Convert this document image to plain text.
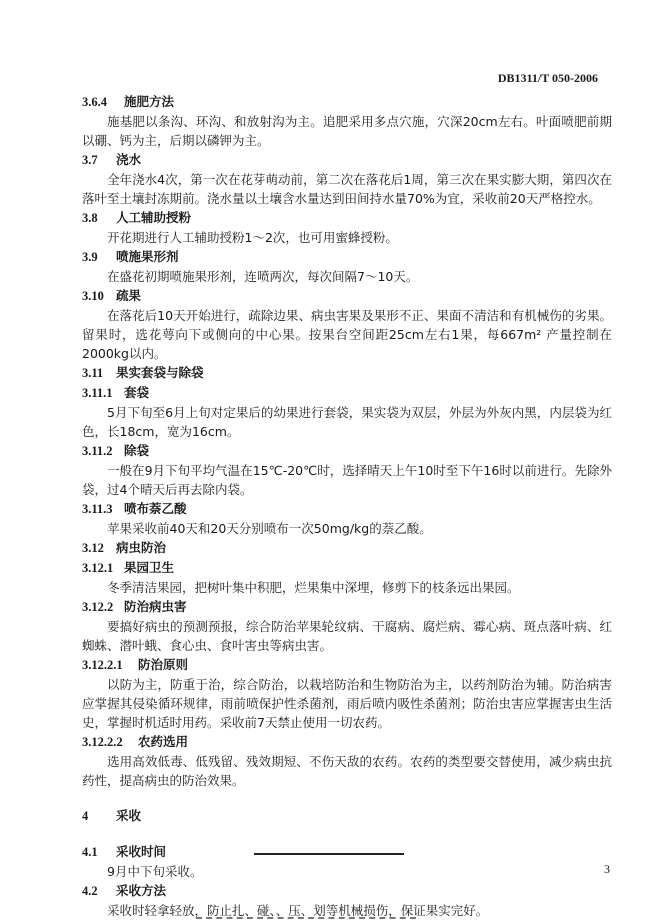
DB1311/T 050-2006
3.6.4 施肥方法
施基肥以条沟、环沟、和放射沟为主。追肥采用多点穴施，穴深20cm左右。叶面喷肥前期以硼、钙为主，后期以磷钾为主。
3.7 浇水
全年浇水4次，第一次在花芽萌动前，第二次在落花后1周，第三次在果实膨大期，第四次在落叶至土壤封冻期前。浇水量以土壤含水量达到田间持水量70%为宜，采收前20天严格控水。
3.8 人工辅助授粉
开花期进行人工辅助授粉1～2次，也可用蜜蜂授粉。
3.9 喷施果形剂
在盛花初期喷施果形剂，连喷两次，每次间隔7～10天。
3.10 疏果
在落花后10天开始进行，疏除边果、病虫害果及果形不正、果面不清洁和有机械伤的劣果。留果时，选花萼向下或侧向的中心果。按果台空间距25cm左右1果，每667m² 产量控制在2000kg以内。
3.11 果实套袋与除袋
3.11.1 套袋
5月下旬至6月上旬对定果后的幼果进行套袋，果实袋为双层，外层为外灰内黑，内层袋为红色，长18cm，宽为16cm。
3.11.2 除袋
一般在9月下旬平均气温在15℃-20℃时，选择晴天上午10时至下午16时以前进行。先除外袋，过4个晴天后再去除内袋。
3.11.3 喷布萘乙酸
苹果采收前40天和20天分别喷布一次50mg/kg的萘乙酸。
3.12 病虫防治
3.12.1 果园卫生
冬季清洁果园，把树叶集中积肥，烂果集中深埋，修剪下的枝条远出果园。
3.12.2 防治病虫害
要搞好病虫的预测预报，综合防治苹果轮纹病、干腐病、腐烂病、霉心病、斑点落叶病、红蜘蛛、潜叶蛾、食心虫、食叶害虫等病虫害。
3.12.2.1 防治原则
以防为主，防重于治，综合防治，以栽培防治和生物防治为主，以药剂防治为辅。防治病害应掌握其侵染循环规律，雨前喷保护性杀菌剂，雨后喷内吸性杀菌剂；防治虫害应掌握害虫生活史，掌握时机适时用药。采收前7天禁止使用一切农药。
3.12.2.2 农药选用
选用高效低毒、低残留、残效期短、不伤天敌的农药。农药的类型要交替使用，减少病虫抗药性，提高病虫的防治效果。
4 采收
4.1 采收时间
9月中下旬采收。
4.2 采收方法
采收时轻拿轻放，防止扎、碰、、压、划等机械损伤，保证果实完好。
3
